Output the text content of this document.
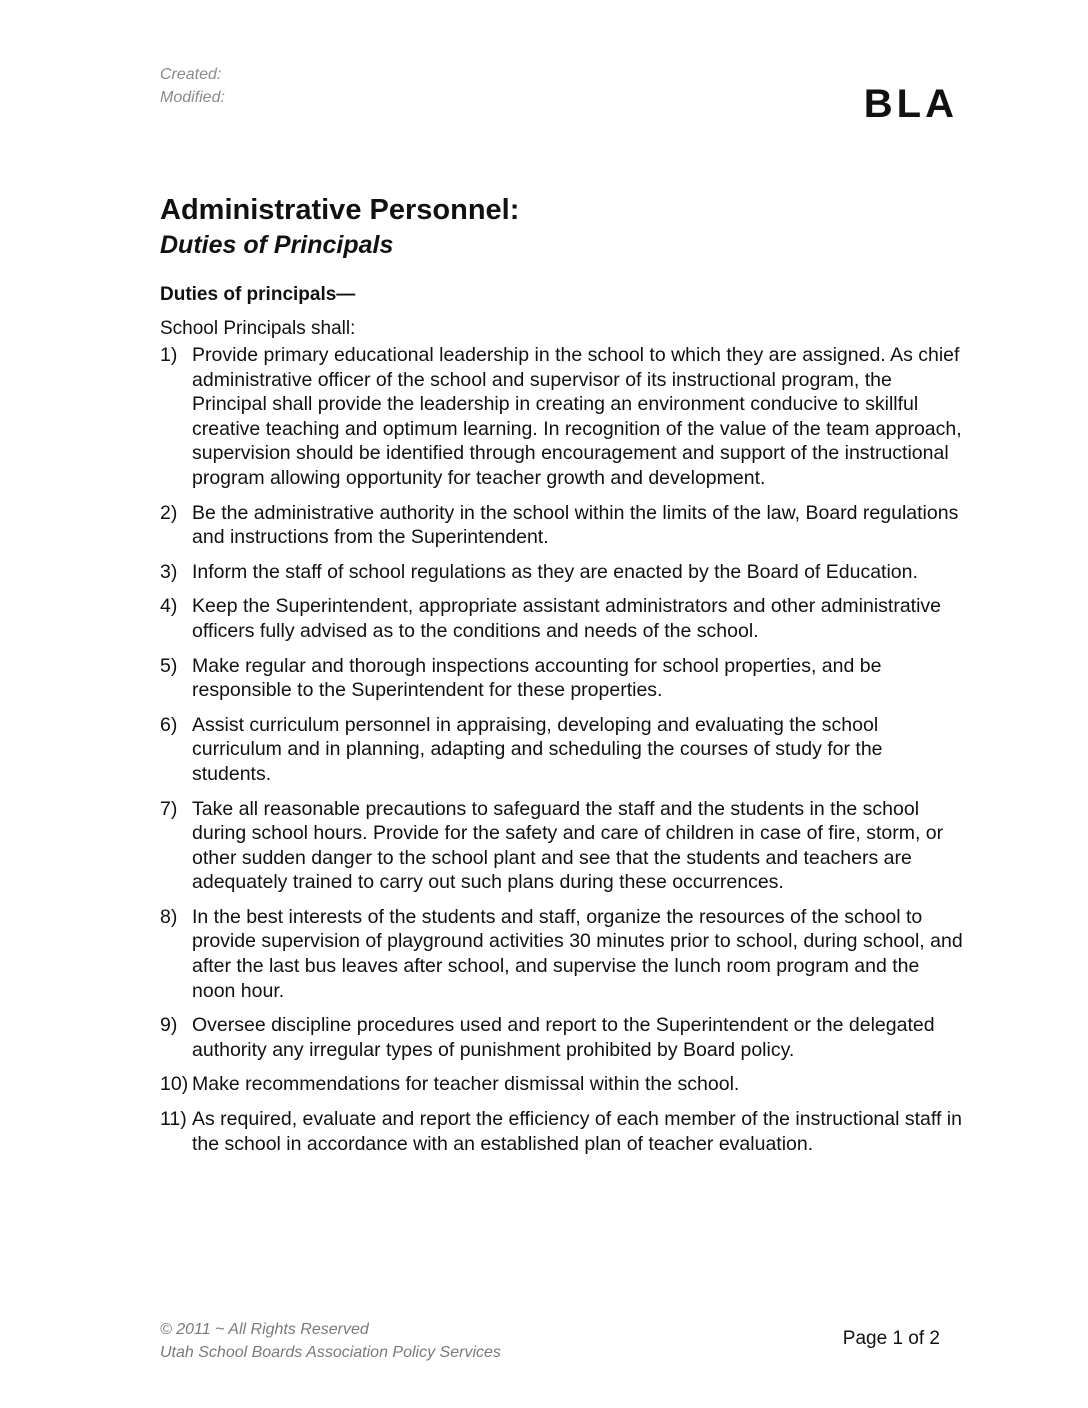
Created:
Modified:	BLA
Administrative Personnel:
Duties of Principals
Duties of principals—

School Principals shall:

1) Provide primary educational leadership in the school to which they are assigned. As chief administrative officer of the school and supervisor of its instructional program, the Principal shall provide the leadership in creating an environment conducive to skillful creative teaching and optimum learning. In recognition of the value of the team approach, supervision should be identified through encouragement and support of the instructional program allowing opportunity for teacher growth and development.
2) Be the administrative authority in the school within the limits of the law, Board regulations and instructions from the Superintendent.
3) Inform the staff of school regulations as they are enacted by the Board of Education.
4) Keep the Superintendent, appropriate assistant administrators and other administrative officers fully advised as to the conditions and needs of the school.
5) Make regular and thorough inspections accounting for school properties, and be responsible to the Superintendent for these properties.
6) Assist curriculum personnel in appraising, developing and evaluating the school curriculum and in planning, adapting and scheduling the courses of study for the students.
7) Take all reasonable precautions to safeguard the staff and the students in the school during school hours. Provide for the safety and care of children in case of fire, storm, or other sudden danger to the school plant and see that the students and teachers are adequately trained to carry out such plans during these occurrences.
8) In the best interests of the students and staff, organize the resources of the school to provide supervision of playground activities 30 minutes prior to school, during school, and after the last bus leaves after school, and supervise the lunch room program and the noon hour.
9) Oversee discipline procedures used and report to the Superintendent or the delegated authority any irregular types of punishment prohibited by Board policy.
10) Make recommendations for teacher dismissal within the school.
11) As required, evaluate and report the efficiency of each member of the instructional staff in the school in accordance with an established plan of teacher evaluation.
© 2011 ~ All Rights Reserved
Utah School Boards Association Policy Services
Page 1 of 2
